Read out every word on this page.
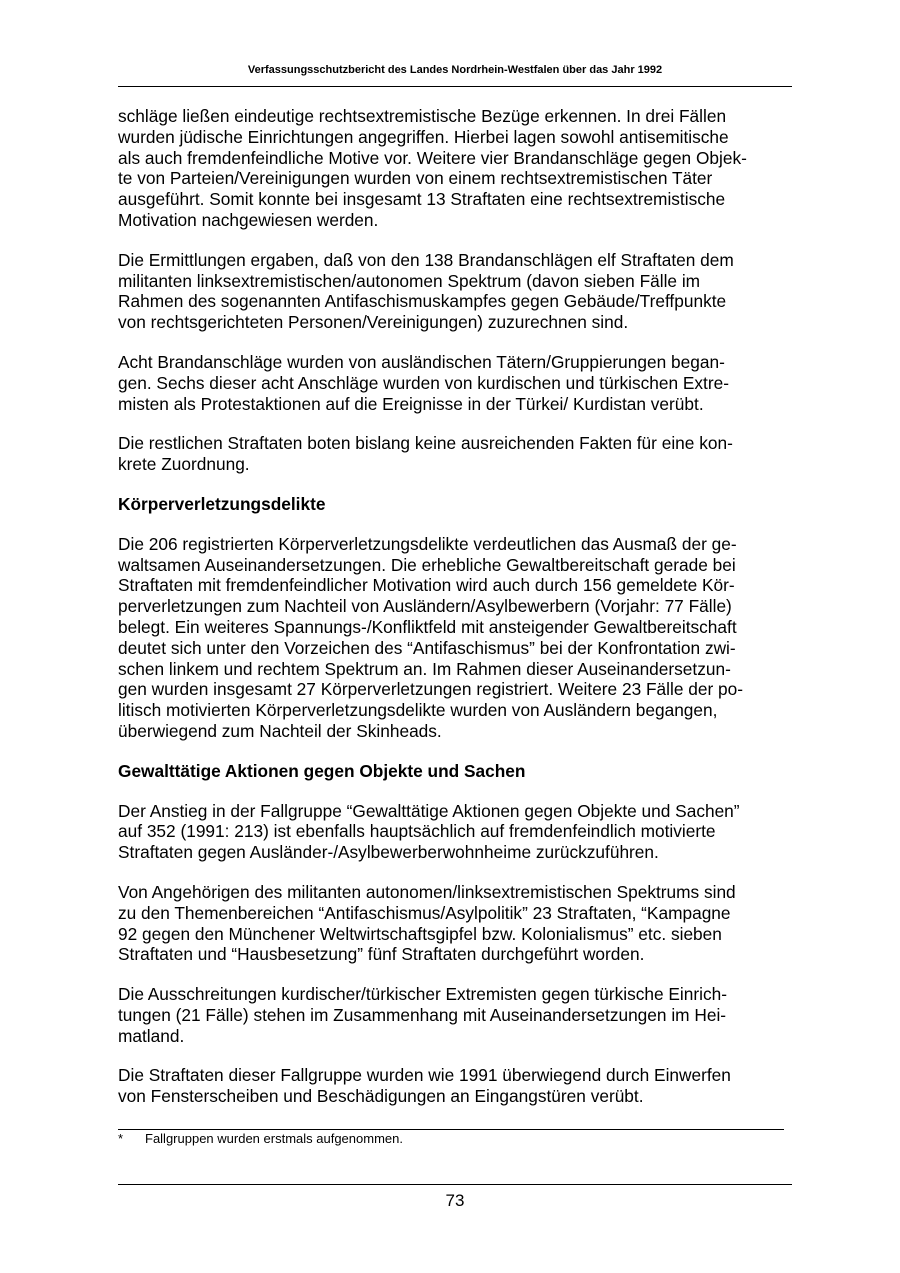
Verfassungsschutzbericht des Landes Nordrhein-Westfalen über das Jahr 1992

schläge ließen eindeutige rechtsextremistische Bezüge erkennen. In drei Fällen
wurden jüdische Einrichtungen angegriffen. Hierbei lagen sowohl antisemitische
als auch fremdenfeindliche Motive vor. Weitere vier Brandanschläge gegen Objek-
te von Parteien/Vereinigungen wurden von einem rechtsextremistischen Täter
ausgeführt. Somit konnte bei insgesamt 13 Straftaten eine rechtsextremistische
Motivation nachgewiesen werden.

Die Ermittlungen ergaben, daß von den 138 Brandanschlägen elf Straftaten dem
militanten linksextremistischen/autonomen Spektrum (davon sieben Fälle im
Rahmen des sogenannten Antifaschismuskampfes gegen Gebäude/Treffpunkte
von rechtsgerichteten Personen/Vereinigungen) zuzurechnen sind.

Acht Brandanschläge wurden von ausländischen Tätern/Gruppierungen began-
gen. Sechs dieser acht Anschläge wurden von kurdischen und türkischen Extre-
misten als Protestaktionen auf die Ereignisse in der Türkei/ Kurdistan verübt.

Die restlichen Straftaten boten bislang keine ausreichenden Fakten für eine kon-
krete Zuordnung.

Körperverletzungsdelikte

Die 206 registrierten Körperverletzungsdelikte verdeutlichen das Ausmaß der ge-
waltsamen Auseinandersetzungen. Die erhebliche Gewaltbereitschaft gerade bei
Straftaten mit fremdenfeindlicher Motivation wird auch durch 156 gemeldete Kör-
perverletzungen zum Nachteil von Ausländern/Asylbewerbern (Vorjahr: 77 Fälle)
belegt. Ein weiteres Spannungs-/Konfliktfeld mit ansteigender Gewaltbereitschaft
deutet sich unter den Vorzeichen des “Antifaschismus” bei der Konfrontation zwi-
schen linkem und rechtem Spektrum an. Im Rahmen dieser Auseinandersetzun-
gen wurden insgesamt 27 Körperverletzungen registriert. Weitere 23 Fälle der po-
litisch motivierten Körperverletzungsdelikte wurden von Ausländern begangen,
überwiegend zum Nachteil der Skinheads.

Gewalttätige Aktionen gegen Objekte und Sachen

Der Anstieg in der Fallgruppe “Gewalttätige Aktionen gegen Objekte und Sachen”
auf 352 (1991: 213) ist ebenfalls hauptsächlich auf fremdenfeindlich motivierte
Straftaten gegen Ausländer-/Asylbewerberwohnheime zurückzuführen.

Von Angehörigen des militanten autonomen/linksextremistischen Spektrums sind
zu den Themenbereichen “Antifaschismus/Asylpolitik” 23 Straftaten, “Kampagne
92 gegen den Münchener Weltwirtschaftsgipfel bzw. Kolonialismus” etc. sieben
Straftaten und “Hausbesetzung” fünf Straftaten durchgeführt worden.

Die Ausschreitungen kurdischer/türkischer Extremisten gegen türkische Einrich-
tungen (21 Fälle) stehen im Zusammenhang mit Auseinandersetzungen im Hei-
matland.

Die Straftaten dieser Fallgruppe wurden wie 1991 überwiegend durch Einwerfen
von Fensterscheiben und Beschädigungen an Eingangstüren verübt.

* Fallgruppen wurden erstmals aufgenommen.
73
